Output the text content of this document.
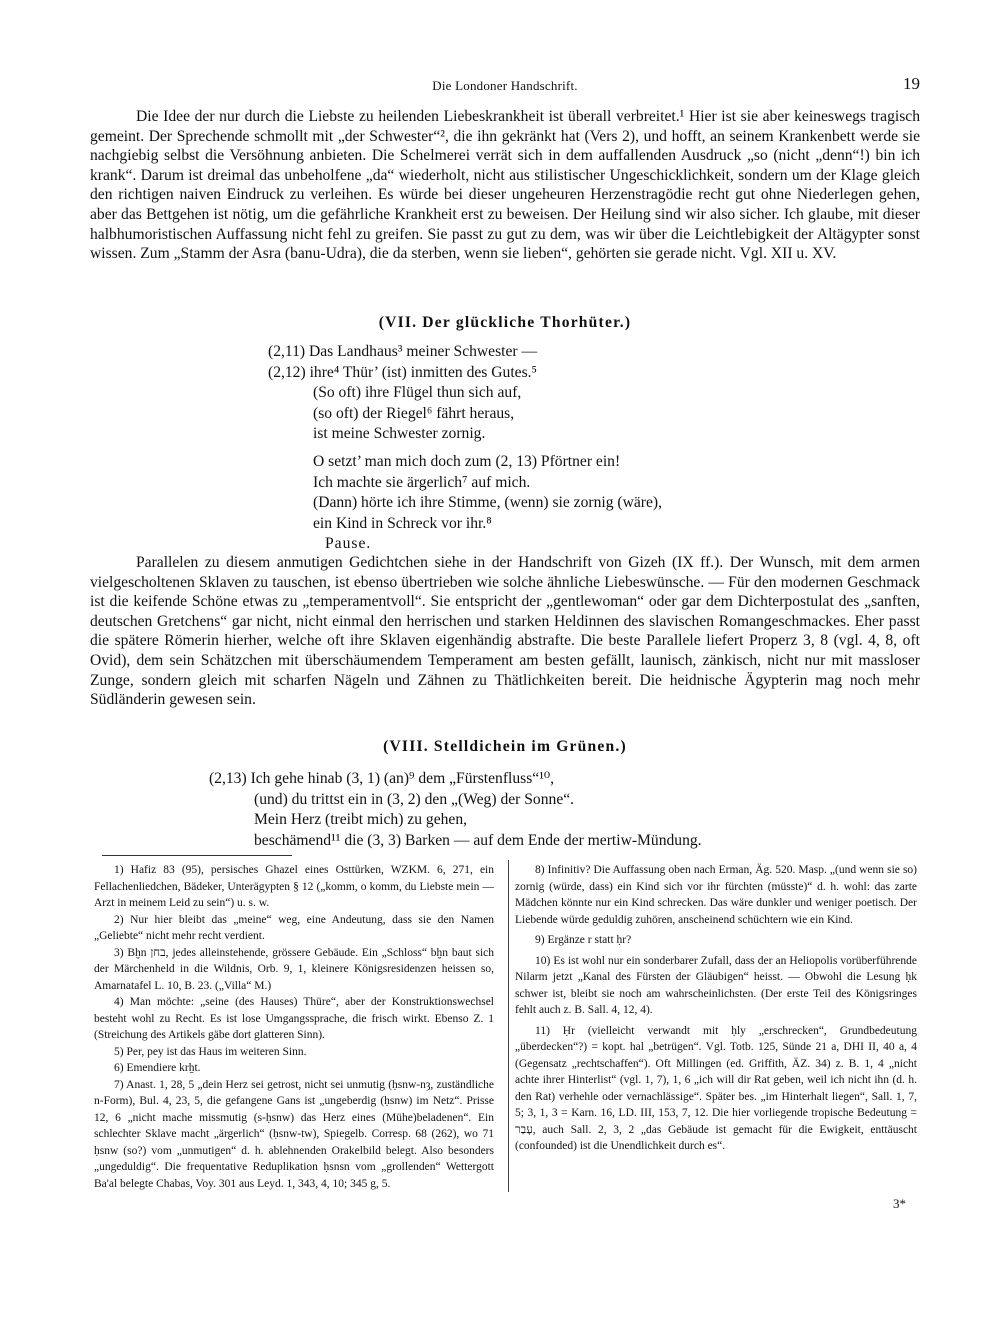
Die Londoner Handschrift.	19

Die Idee der nur durch die Liebste zu heilenden Liebeskrankheit ist überall verbreitet.¹ Hier ist sie aber keineswegs tragisch gemeint. Der Sprechende schmollt mit „der Schwester“², die ihn gekränkt hat (Vers 2), und hofft, an seinem Krankenbett werde sie nachgiebig selbst die Versöhnung anbieten. Die Schelmerei verrät sich in dem auffallenden Ausdruck „so (nicht „denn“!) bin ich krank“. Darum ist dreimal das unbeholfene „da“ wiederholt, nicht aus stilistischer Ungeschicklichkeit, sondern um der Klage gleich den richtigen naiven Eindruck zu verleihen. Es würde bei dieser ungeheuren Herzenstragödie recht gut ohne Niederlegen gehen, aber das Bettgehen ist nötig, um die gefährliche Krankheit erst zu beweisen. Der Heilung sind wir also sicher. Ich glaube, mit dieser halbhumoristischen Auffassung nicht fehl zu greifen. Sie passt zu gut zu dem, was wir über die Leichtlebigkeit der Altägypter sonst wissen. Zum „Stamm der Asra (banu-Udra), die da sterben, wenn sie lieben“, gehörten sie gerade nicht. Vgl. XII u. XV.

(VII. Der glückliche Thorhüter.)
(2,11) Das Landhaus³ meiner Schwester —
(2,12) ihre⁴ Thür’ (ist) inmitten des Gutes.⁵
(So oft) ihre Flügel thun sich auf,
(so oft) der Riegel⁶ fährt heraus,
ist meine Schwester zornig.
O setzt’ man mich doch zum (2, 13) Pförtner ein!
Ich machte sie ärgerlich⁷ auf mich.
(Dann) hörte ich ihre Stimme, (wenn) sie zornig (wäre),
ein Kind in Schreck vor ihr.⁸
Pause.

Parallelen zu diesem anmutigen Gedichtchen siehe in der Handschrift von Gizeh (IX ff.). Der Wunsch, mit dem armen vielgescholtenen Sklaven zu tauschen, ist ebenso übertrieben wie solche ähnliche Liebeswünsche. — Für den modernen Geschmack ist die keifende Schöne etwas zu „temperamentvoll“. Sie entspricht der „gentlewoman“ oder gar dem Dichterpostulat des „sanften, deutschen Gretchens“ gar nicht, nicht einmal den herrischen und starken Heldinnen des slavischen Romangeschmackes. Eher passt die spätere Römerin hierher, welche oft ihre Sklaven eigenhändig abstrafte. Die beste Parallele liefert Properz 3, 8 (vgl. 4, 8, oft Ovid), dem sein Schätzchen mit überschäumendem Temperament am besten gefällt, launisch, zänkisch, nicht nur mit massloser Zunge, sondern gleich mit scharfen Nägeln und Zähnen zu Thätlichkeiten bereit. Die heidnische Ägypterin mag noch mehr Südländerin gewesen sein.

(VIII. Stelldichein im Grünen.)
(2,13) Ich gehe hinab (3, 1) (an)⁹ dem „Fürstenfluss“¹⁰,
(und) du trittst ein in (3, 2) den „(Weg) der Sonne“.
Mein Herz (treibt mich) zu gehen,
beschämend¹¹ die (3, 3) Barken — auf dem Ende der mertiw-Mündung.

1) Hafiz 83 (95), persisches Ghazel eines Osttürken, WZKM. 6, 271, ein Fellachenliedchen, Bädeker, Unterägypten § 12 („komm, o komm, du Liebste mein — Arzt in meinem Leid zu sein“) u. s. w.

2) Nur hier bleibt das „meine“ weg, eine Andeutung, dass sie den Namen „Geliebte“ nicht mehr recht verdient.

3) Bḫn בחן, jedes alleinstehende, grössere Gebäude. Ein „Schloss“ bḫn baut sich der Märchenheld in die Wildnis, Orb. 9, 1, kleinere Königsresidenzen heissen so, Amarnatafel L. 10, B. 23. („Villa“ M.)

4) Man möchte: „seine (des Hauses) Thüre“, aber der Konstruktionswechsel besteht wohl zu Recht. Es ist lose Umgangssprache, die frisch wirkt. Ebenso Z. 1 (Streichung des Artikels gäbe dort glatteren Sinn).

5) Per, pey ist das Haus im weiteren Sinn.

6) Emendiere krẖt.

7) Anast. 1, 28, 5 „dein Herz sei getrost, nicht sei unmutig (ḥsnw-nȝ, zuständliche n-Form), Bul. 4, 23, 5, die gefangene Gans ist „ungeberdig (ḥsnw) im Netz“. Prisse 12, 6 „nicht mache missmutig (s-ḥsnw) das Herz eines (Mühe)beladenen“. Ein schlechter Sklave macht „ärgerlich“ (ḥsnw-tw), Spiegelb. Corresp. 68 (262), wo 71 ḥsnw (so?) vom „unmutigen“ d. h. ablehnenden Orakelbild belegt. Also besonders „ungeduldig“. Die frequentative Reduplikation ḥsnsn vom „grollenden“ Wettergott Ba'al belegte Chabas, Voy. 301 aus Leyd. 1, 343, 4, 10; 345 g, 5.

8) Infinitiv? Die Auffassung oben nach Erman, Äg. 520. Masp. „(und wenn sie so) zornig (würde, dass) ein Kind sich vor ihr fürchten (müsste)“ d. h. wohl: das zarte Mädchen könnte nur ein Kind schrecken. Das wäre dunkler und weniger poetisch. Der Liebende würde geduldig zuhören, anscheinend schüchtern wie ein Kind.

9) Ergänze r statt ḥr?

10) Es ist wohl nur ein sonderbarer Zufall, dass der an Heliopolis vorüberführende Nilarm jetzt „Kanal des Fürsten der Gläubigen“ heisst. — Obwohl die Lesung ḥk schwer ist, bleibt sie noch am wahrscheinlichsten. (Der erste Teil des Königsringes fehlt auch z. B. Sall. 4, 12, 4).

11) Ḥr (vielleicht verwandt mit ḥly „erschrecken“, Grundbedeutung „überdecken“?) = kopt. hal „betrügen“. Vgl. Totb. 125, Sünde 21 a, DHI II, 40 a, 4 (Gegensatz „rechtschaffen“). Oft Millingen (ed. Griffith, ÄZ. 34) z. B. 1, 4 „nicht achte ihrer Hinterlist“ (vgl. 1, 7), 1, 6 „ich will dir Rat geben, weil ich nicht ihn (d. h. den Rat) verhehle oder vernachlässige“. Später bes. „im Hinterhalt liegen“, Sall. 1, 7, 5; 3, 1, 3 = Karn. 16, LD. III, 153, 7, 12. Die hier vorliegende tropische Bedeutung = עָבַר, auch Sall. 2, 3, 2 „das Gebäude ist gemacht für die Ewigkeit, enttäuscht (confounded) ist die Unendlichkeit durch es“.

3*
